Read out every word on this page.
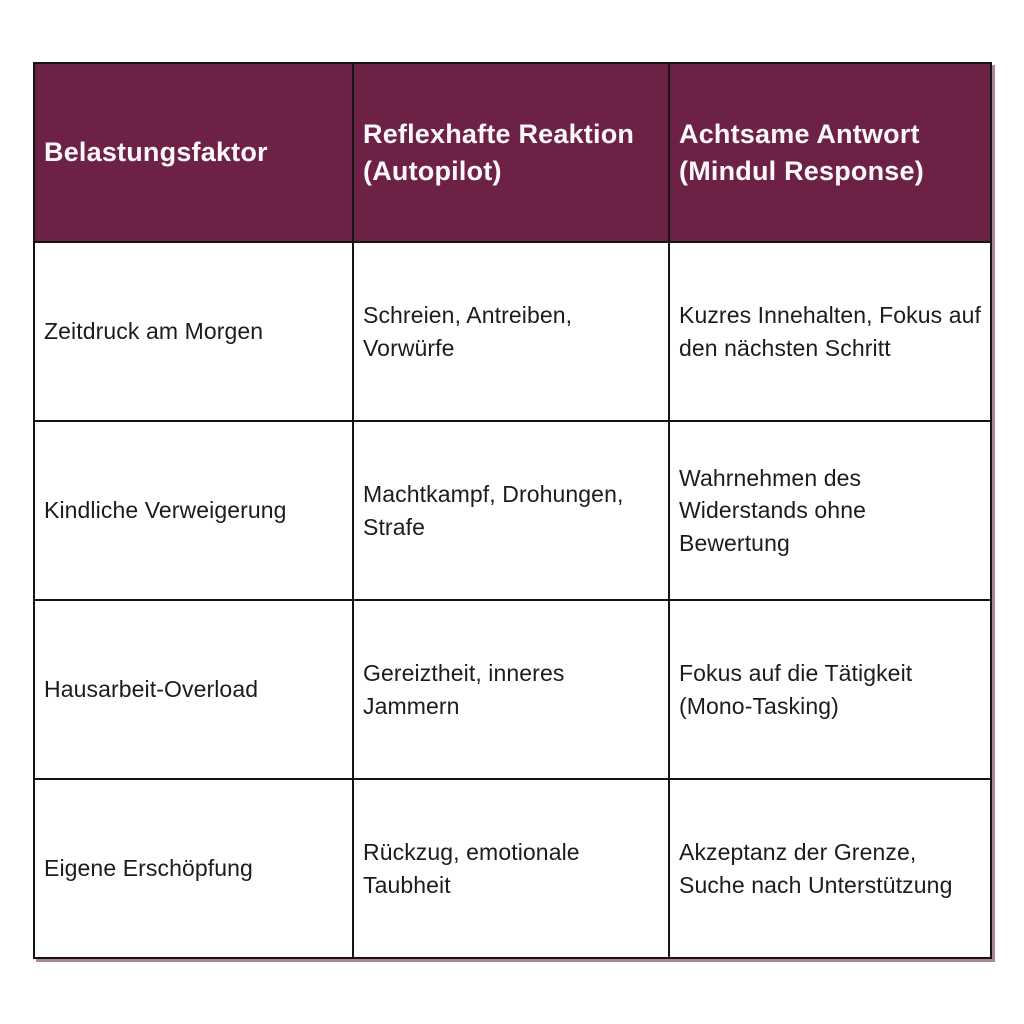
Belastungsfaktor	Reflexhafte Reaktion (Autopilot)	Achtsame Antwort (Mindul Response)
Zeitdruck am Morgen	Schreien, Antreiben, Vorwürfe	Kuzres Innehalten, Fokus auf den nächsten Schritt
Kindliche Verweigerung	Machtkampf, Drohungen, Strafe	Wahrnehmen des Widerstands ohne Bewertung
Hausarbeit-Overload	Gereiztheit, inneres Jammern	Fokus auf die Tätigkeit (Mono-Tasking)
Eigene Erschöpfung	Rückzug, emotionale Taubheit	Akzeptanz der Grenze, Suche nach Unterstützung
